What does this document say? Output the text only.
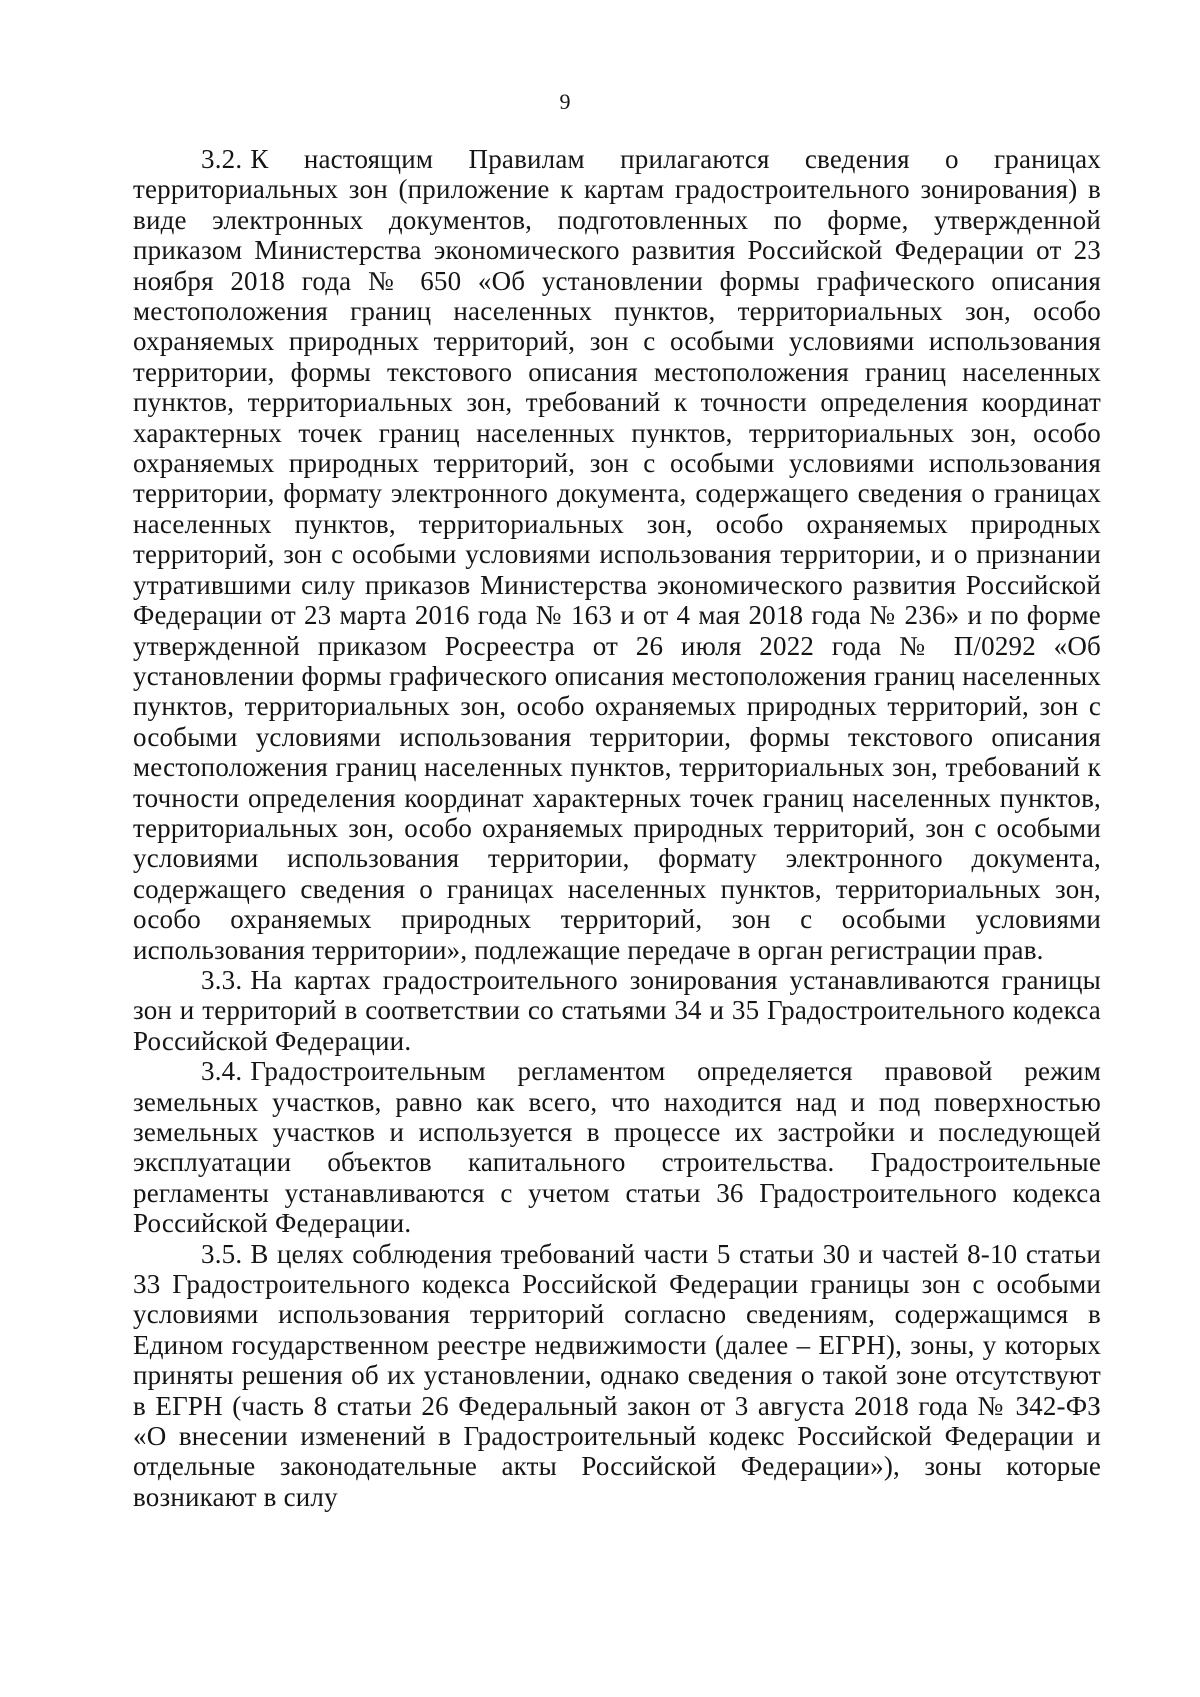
9

3.2. К настоящим Правилам прилагаются сведения о границах территориальных зон (приложение к картам градостроительного зонирования) в виде электронных документов, подготовленных по форме, утвержденной приказом Министерства экономического развития Российской Федерации от 23 ноября 2018 года № 650 «Об установлении формы графического описания местоположения границ населенных пунктов, территориальных зон, особо охраняемых природных территорий, зон с особыми условиями использования территории, формы текстового описания местоположения границ населенных пунктов, территориальных зон, требований к точности определения координат характерных точек границ населенных пунктов, территориальных зон, особо охраняемых природных территорий, зон с особыми условиями использования территории, формату электронного документа, содержащего сведения о границах населенных пунктов, территориальных зон, особо охраняемых природных территорий, зон с особыми условиями использования территории, и о признании утратившими силу приказов Министерства экономического развития Российской Федерации от 23 марта 2016 года № 163 и от 4 мая 2018 года № 236» и по форме утвержденной приказом Росреестра от 26 июля 2022 года № П/0292 «Об установлении формы графического описания местоположения границ населенных пунктов, территориальных зон, особо охраняемых природных территорий, зон с особыми условиями использования территории, формы текстового описания местоположения границ населенных пунктов, территориальных зон, требований к точности определения координат характерных точек границ населенных пунктов, территориальных зон, особо охраняемых природных территорий, зон с особыми условиями использования территории, формату электронного документа, содержащего сведения о границах населенных пунктов, территориальных зон, особо охраняемых природных территорий, зон с особыми условиями использования территории», подлежащие передаче в орган регистрации прав.

3.3. На картах градостроительного зонирования устанавливаются границы зон и территорий в соответствии со статьями 34 и 35 Градостроительного кодекса Российской Федерации.

3.4. Градостроительным регламентом определяется правовой режим земельных участков, равно как всего, что находится над и под поверхностью земельных участков и используется в процессе их застройки и последующей эксплуатации объектов капитального строительства. Градостроительные регламенты устанавливаются с учетом статьи 36 Градостроительного кодекса Российской Федерации.

3.5. В целях соблюдения требований части 5 статьи 30 и частей 8-10 статьи 33 Градостроительного кодекса Российской Федерации границы зон с особыми условиями использования территорий согласно сведениям, содержащимся в Едином государственном реестре недвижимости (далее – ЕГРН), зоны, у которых приняты решения об их установлении, однако сведения о такой зоне отсутствуют в ЕГРН (часть 8 статьи 26 Федеральный закон от 3 августа 2018 года № 342-ФЗ «О внесении изменений в Градостроительный кодекс Российской Федерации и отдельные законодательные акты Российской Федерации»), зоны которые возникают в силу
